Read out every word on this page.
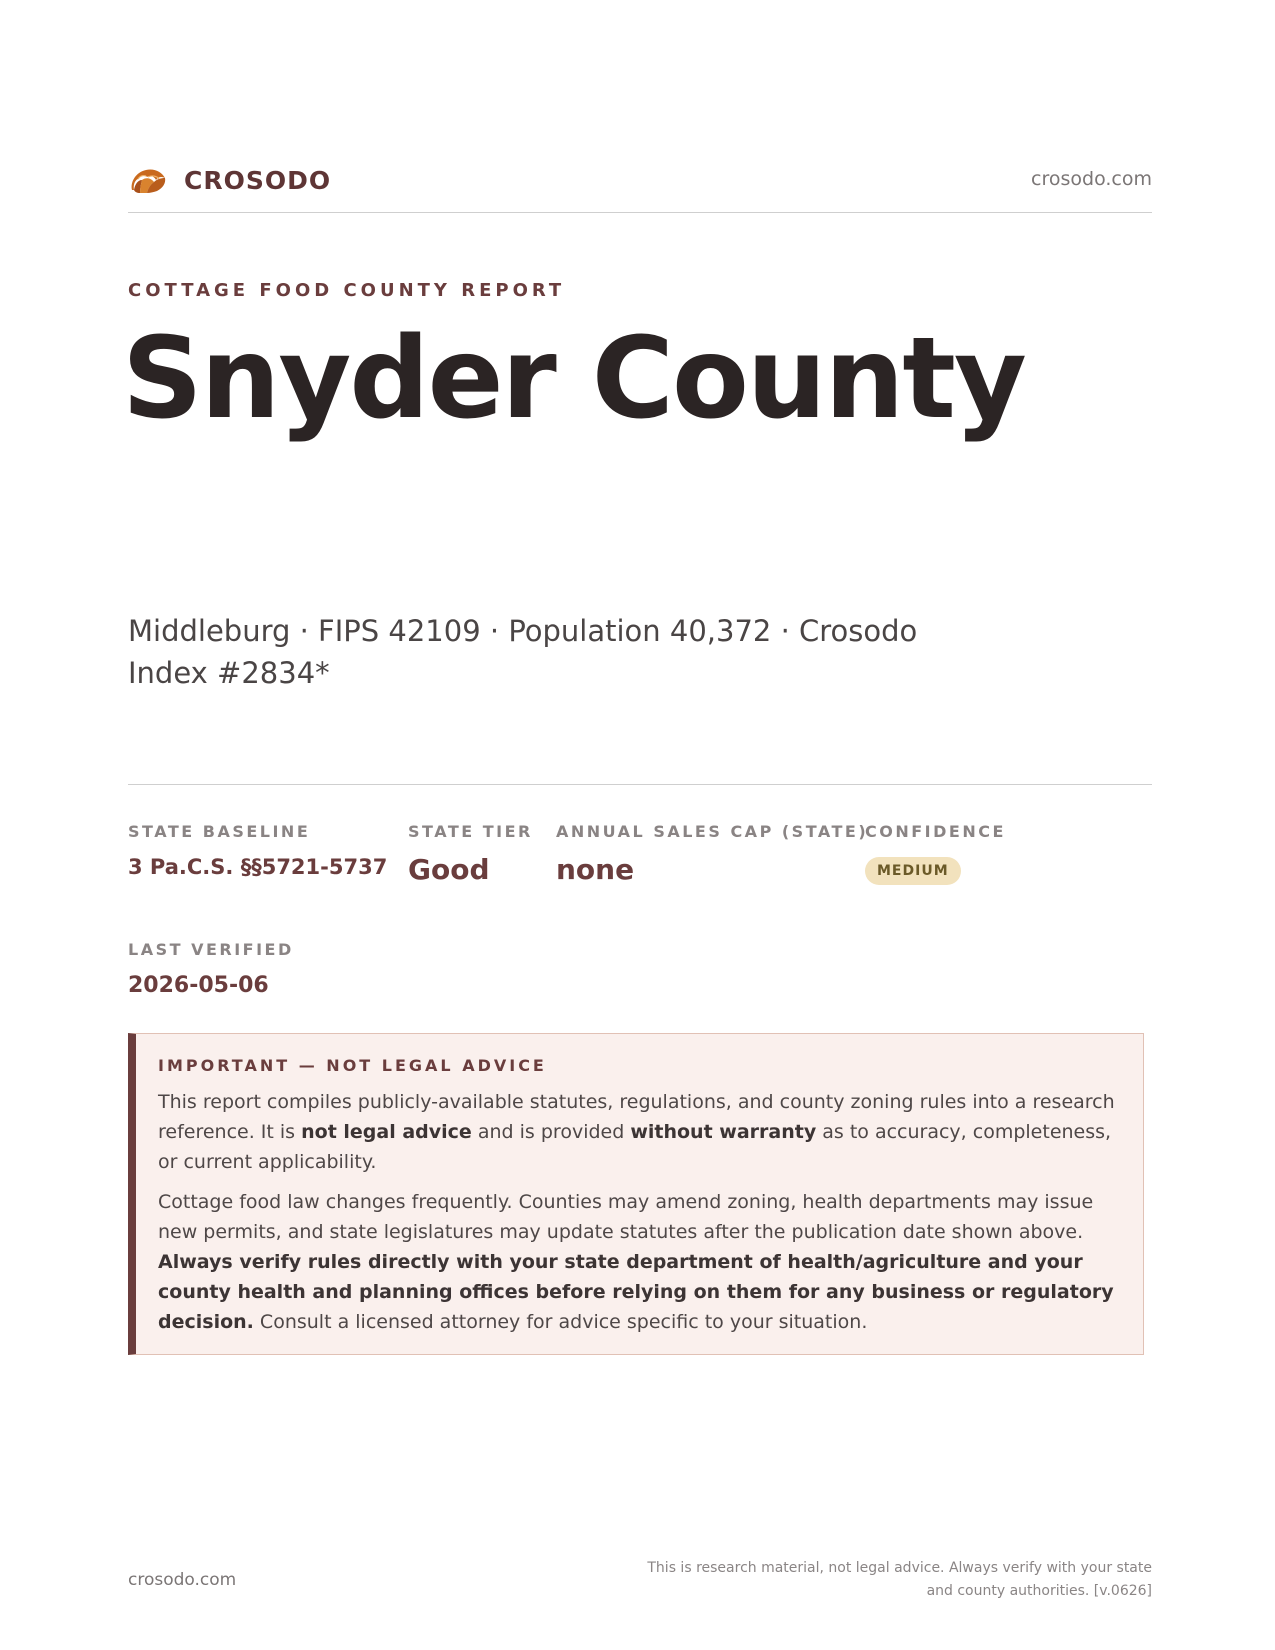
CROSODO	crosodo.com
COTTAGE FOOD COUNTY REPORT
Snyder County
Middleburg · FIPS 42109 · Population 40,372 · Crosodo Index #2834*
STATE BASELINE
3 Pa.C.S. §§5721-5737
STATE TIER
Good
ANNUAL SALES CAP (STATE)
none
CONFIDENCE
MEDIUM
LAST VERIFIED
2026-05-06
IMPORTANT — NOT LEGAL ADVICE

This report compiles publicly-available statutes, regulations, and county zoning rules into a research reference. It is not legal advice and is provided without warranty as to accuracy, completeness, or current applicability.

Cottage food law changes frequently. Counties may amend zoning, health departments may issue new permits, and state legislatures may update statutes after the publication date shown above. Always verify rules directly with your state department of health/agriculture and your county health and planning offices before relying on them for any business or regulatory decision. Consult a licensed attorney for advice specific to your situation.

crosodo.com
This is research material, not legal advice. Always verify with your state
and county authorities. [v.0626]
